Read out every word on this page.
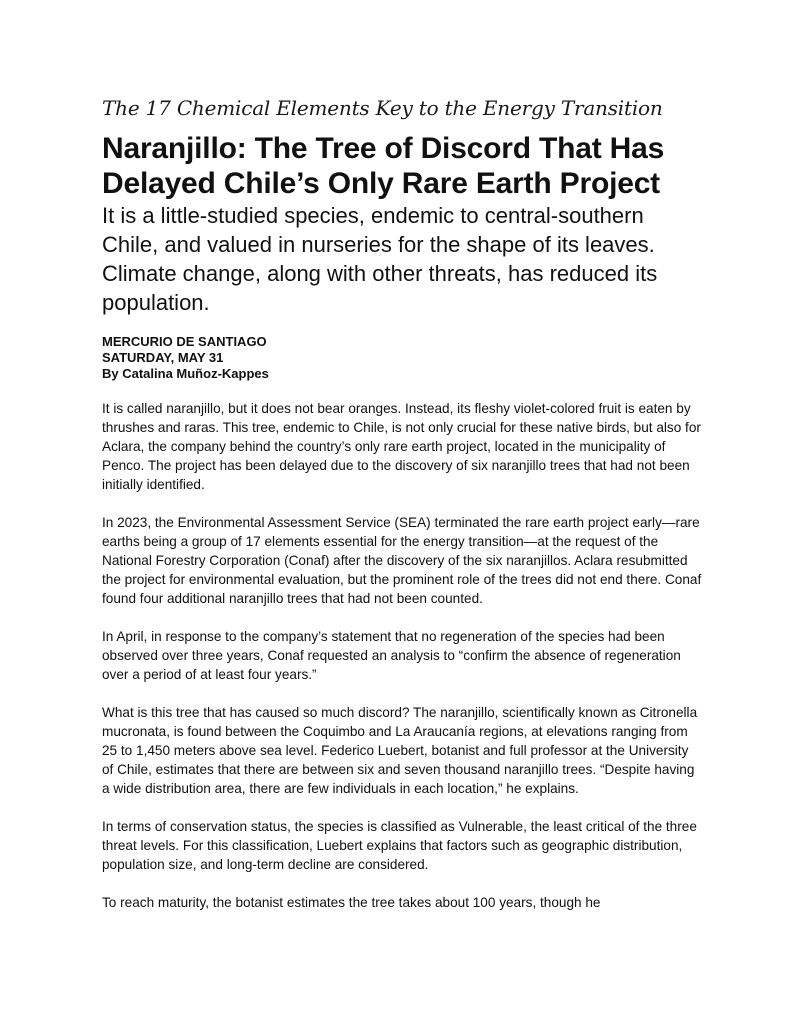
The 17 Chemical Elements Key to the Energy Transition
Naranjillo: The Tree of Discord That Has Delayed Chile’s Only Rare Earth Project
It is a little-studied species, endemic to central-southern Chile, and valued in nurseries for the shape of its leaves. Climate change, along with other threats, has reduced its population.
MERCURIO DE SANTIAGO
SATURDAY, MAY 31
By Catalina Muñoz-Kappes

It is called naranjillo, but it does not bear oranges. Instead, its fleshy violet-colored fruit is eaten by thrushes and raras. This tree, endemic to Chile, is not only crucial for these native birds, but also for Aclara, the company behind the country’s only rare earth project, located in the municipality of Penco. The project has been delayed due to the discovery of six naranjillo trees that had not been initially identified.

In 2023, the Environmental Assessment Service (SEA) terminated the rare earth project early—rare earths being a group of 17 elements essential for the energy transition—at the request of the National Forestry Corporation (Conaf) after the discovery of the six naranjillos. Aclara resubmitted the project for environmental evaluation, but the prominent role of the trees did not end there. Conaf found four additional naranjillo trees that had not been counted.

In April, in response to the company’s statement that no regeneration of the species had been observed over three years, Conaf requested an analysis to “confirm the absence of regeneration over a period of at least four years.”

What is this tree that has caused so much discord? The naranjillo, scientifically known as Citronella mucronata, is found between the Coquimbo and La Araucanía regions, at elevations ranging from 25 to 1,450 meters above sea level. Federico Luebert, botanist and full professor at the University of Chile, estimates that there are between six and seven thousand naranjillo trees. “Despite having a wide distribution area, there are few individuals in each location,” he explains.

In terms of conservation status, the species is classified as Vulnerable, the least critical of the three threat levels. For this classification, Luebert explains that factors such as geographic distribution, population size, and long-term decline are considered.

To reach maturity, the botanist estimates the tree takes about 100 years, though he
